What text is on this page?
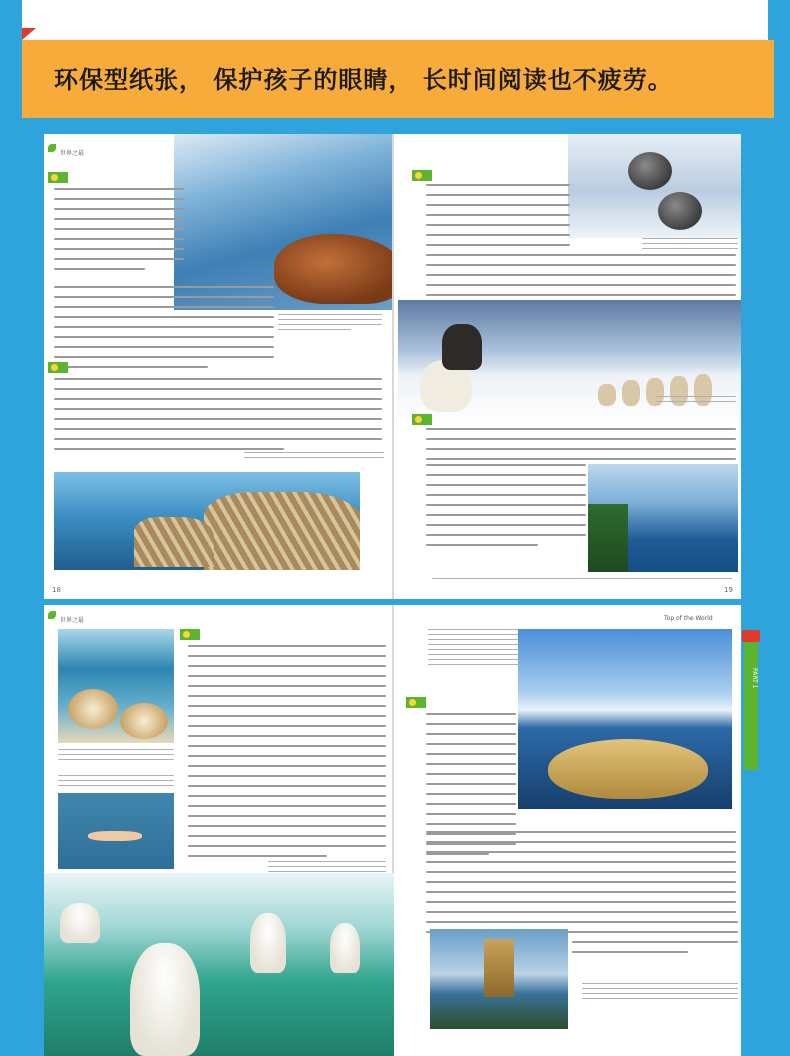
环保型纸张， 保护孩子的眼睛， 长时间阅读也不疲劳。
世界之最
18	19
世界之最	Top of the World
PART 1
